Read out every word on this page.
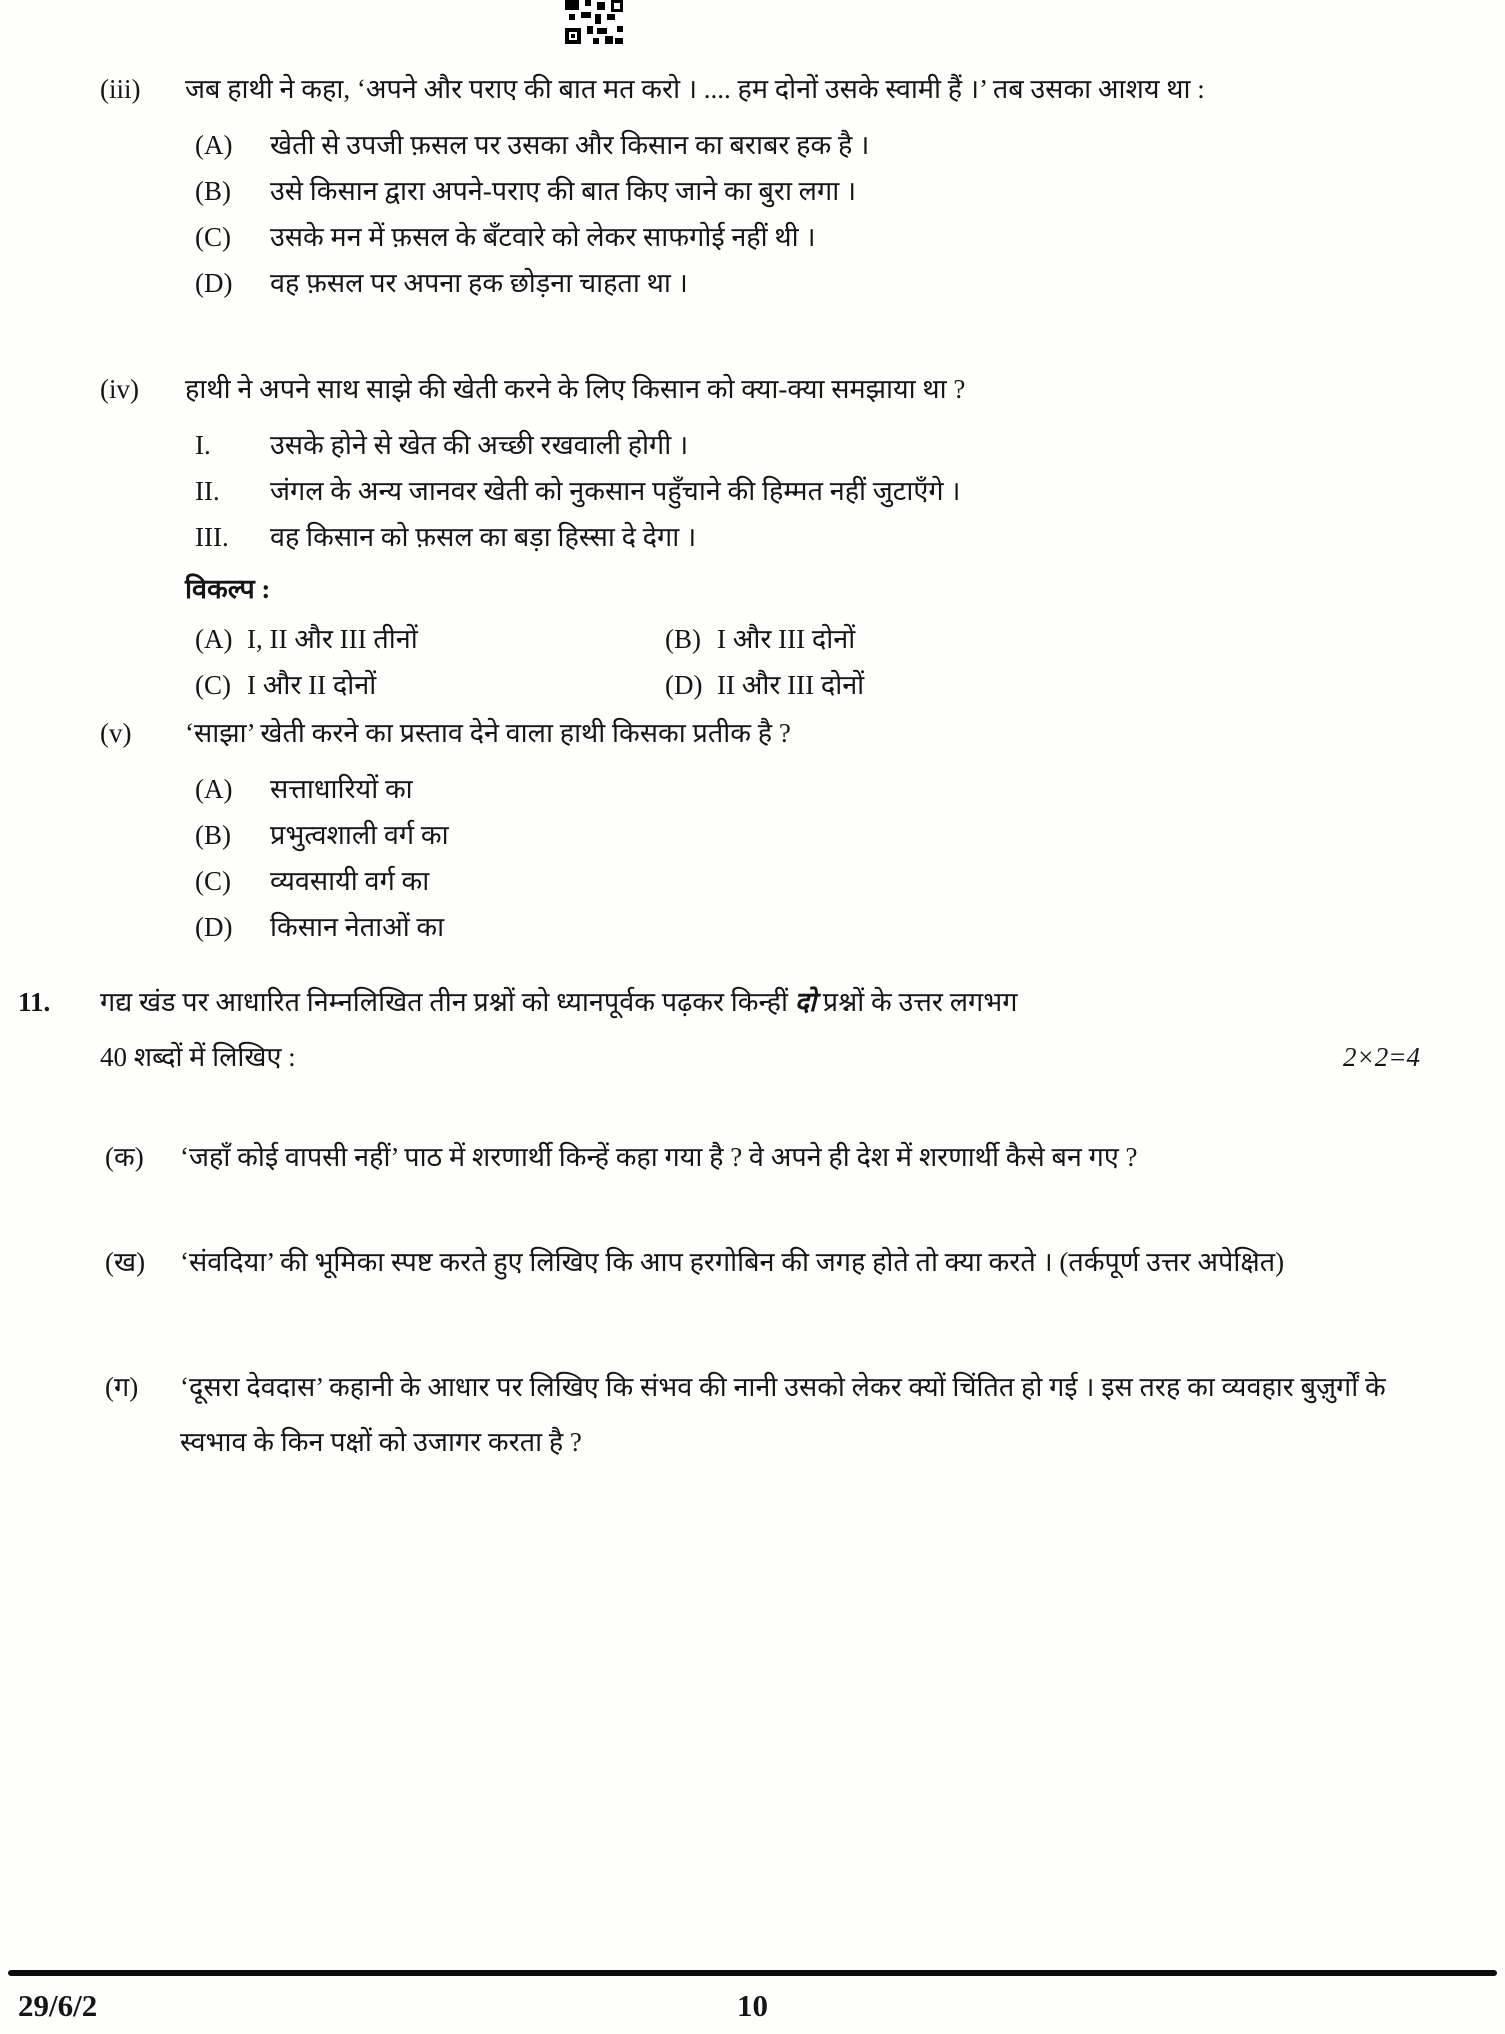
(iii)	जब हाथी ने कहा, ‘अपने और पराए की बात मत करो । .... हम दोनों उसके स्वामी हैं ।’ तब उसका आशय था :

(A)	खेती से उपजी फ़सल पर उसका और किसान का बराबर हक है ।
(B)	उसे किसान द्वारा अपने-पराए की बात किए जाने का बुरा लगा ।
(C)	उसके मन में फ़सल के बँटवारे को लेकर साफगोई नहीं थी ।
(D)	वह फ़सल पर अपना हक छोड़ना चाहता था ।
(iv)	हाथी ने अपने साथ साझे की खेती करने के लिए किसान को क्या-क्या समझाया था ?

I.	उसके होने से खेत की अच्छी रखवाली होगी ।
II.	जंगल के अन्य जानवर खेती को नुकसान पहुँचाने की हिम्मत नहीं जुटाएँगे ।
III.	वह किसान को फ़सल का बड़ा हिस्सा दे देगा ।

विकल्प :

(A) I, II और III तीनों	(B) I और III दोनों
(C) I और II दोनों	(D) II और III दोनों
(v)	‘साझा’ खेती करने का प्रस्ताव देने वाला हाथी किसका प्रतीक है ?

(A)	सत्ताधारियों का
(B)	प्रभुत्वशाली वर्ग का
(C)	व्यवसायी वर्ग का
(D)	किसान नेताओं का
11.	गद्य खंड पर आधारित निम्नलिखित तीन प्रश्नों को ध्यानपूर्वक पढ़कर किन्हीं दो प्रश्नों के उत्तर लगभग
40 शब्दों में लिखिए :	2×2=4
(क)	‘जहाँ कोई वापसी नहीं’ पाठ में शरणार्थी किन्हें कहा गया है ? वे अपने ही देश में शरणार्थी कैसे बन गए ?
(ख)	‘संवदिया’ की भूमिका स्पष्ट करते हुए लिखिए कि आप हरगोबिन की जगह होते तो क्या करते । (तर्कपूर्ण उत्तर अपेक्षित)
(ग)	‘दूसरा देवदास’ कहानी के आधार पर लिखिए कि संभव की नानी उसको लेकर क्यों चिंतित हो गई । इस तरह का व्यवहार बुज़ुर्गों के स्वभाव के किन पक्षों को उजागर करता है ?
29/6/2	10
